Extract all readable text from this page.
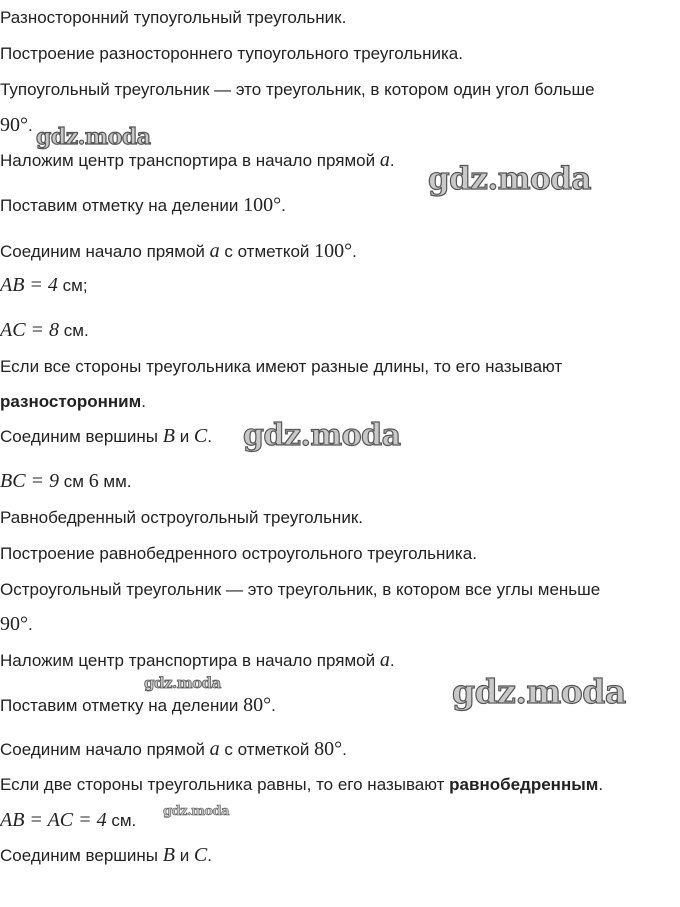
Разносторонний тупоугольный треугольник.
Построение разностороннего тупоугольного треугольника.
Тупоугольный треугольник — это треугольник, в котором один угол больше
90°.
Наложим центр транспортира в начало прямой a.
Поставим отметку на делении 100°.
Соединим начало прямой a с отметкой 100°.
AB = 4 см;
AC = 8 см.
Если все стороны треугольника имеют разные длины, то его называют
разносторонним.
Соединим вершины B и C.
BC = 9 см 6 мм.
Равнобедренный остроугольный треугольник.
Построение равнобедренного остроугольного треугольника.
Остроугольный треугольник — это треугольник, в котором все углы меньше
90°.
Наложим центр транспортира в начало прямой a.
Поставим отметку на делении 80°.
Соединим начало прямой a с отметкой 80°.
Если две стороны треугольника равны, то его называют равнобедренным.
AB = AC = 4 см.
Соединим вершины B и C.
gdz.moda
gdz.moda
gdz.moda
gdz.moda	gdz.moda
gdz.moda
